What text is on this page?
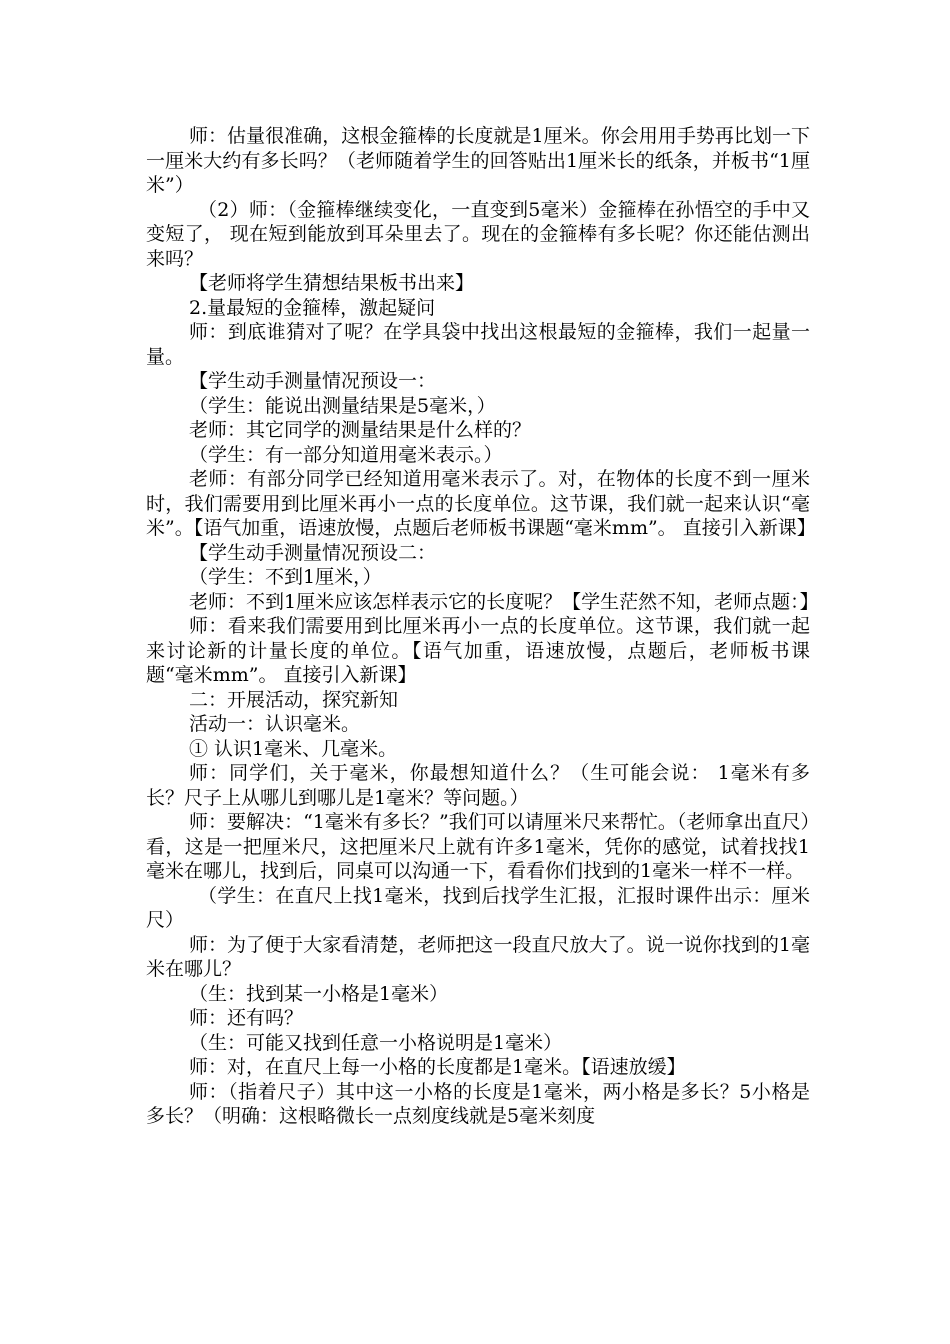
师：估量很准确，这根金箍棒的长度就是1厘米。你会用用手势再比划一下一厘米大约有多长吗？（老师随着学生的回答贴出1厘米长的纸条，并板书“1厘米”）

（2）师：（金箍棒继续变化，一直变到5毫米）金箍棒在孙悟空的手中又变短了， 现在短到能放到耳朵里去了。现在的金箍棒有多长呢？你还能估测出来吗？

【老师将学生猜想结果板书出来】

2.量最短的金箍棒，激起疑问

师：到底谁猜对了呢？在学具袋中找出这根最短的金箍棒，我们一起量一量。

【学生动手测量情况预设一：

（学生：能说出测量结果是5毫米，）

老师：其它同学的测量结果是什么样的？

（学生：有一部分知道用毫米表示。）

老师：有部分同学已经知道用毫米表示了。对，在物体的长度不到一厘米时，我们需要用到比厘米再小一点的长度单位。这节课，我们就一起来认识“毫米”。【语气加重，语速放慢，点题后老师板书课题“毫米mm”。 直接引入新课】

【学生动手测量情况预设二：

（学生：不到1厘米，）

老师：不到1厘米应该怎样表示它的长度呢？【学生茫然不知，老师点题：】

师：看来我们需要用到比厘米再小一点的长度单位。这节课，我们就一起来讨论新的计量长度的单位。【语气加重，语速放慢，点题后，老师板书课题“毫米mm”。 直接引入新课】

二：开展活动，探究新知

活动一：认识毫米。

① 认识1毫米、几毫米。

师：同学们，关于毫米，你最想知道什么？（生可能会说： 1毫米有多长？尺子上从哪儿到哪儿是1毫米？等问题。）

师：要解决：“1毫米有多长？”我们可以请厘米尺来帮忙。（老师拿出直尺）看，这是一把厘米尺，这把厘米尺上就有许多1毫米，凭你的感觉，试着找找1毫米在哪儿，找到后，同桌可以沟通一下，看看你们找到的1毫米一样不一样。

（学生：在直尺上找1毫米，找到后找学生汇报，汇报时课件出示：厘米尺）

师：为了便于大家看清楚，老师把这一段直尺放大了。说一说你找到的1毫米在哪儿？

（生：找到某一小格是1毫米）

师：还有吗？

（生：可能又找到任意一小格说明是1毫米）

师：对，在直尺上每一小格的长度都是1毫米。【语速放缓】

师：（指着尺子）其中这一小格的长度是1毫米，两小格是多长？5小格是多长？（明确：这根略微长一点刻度线就是5毫米刻度
